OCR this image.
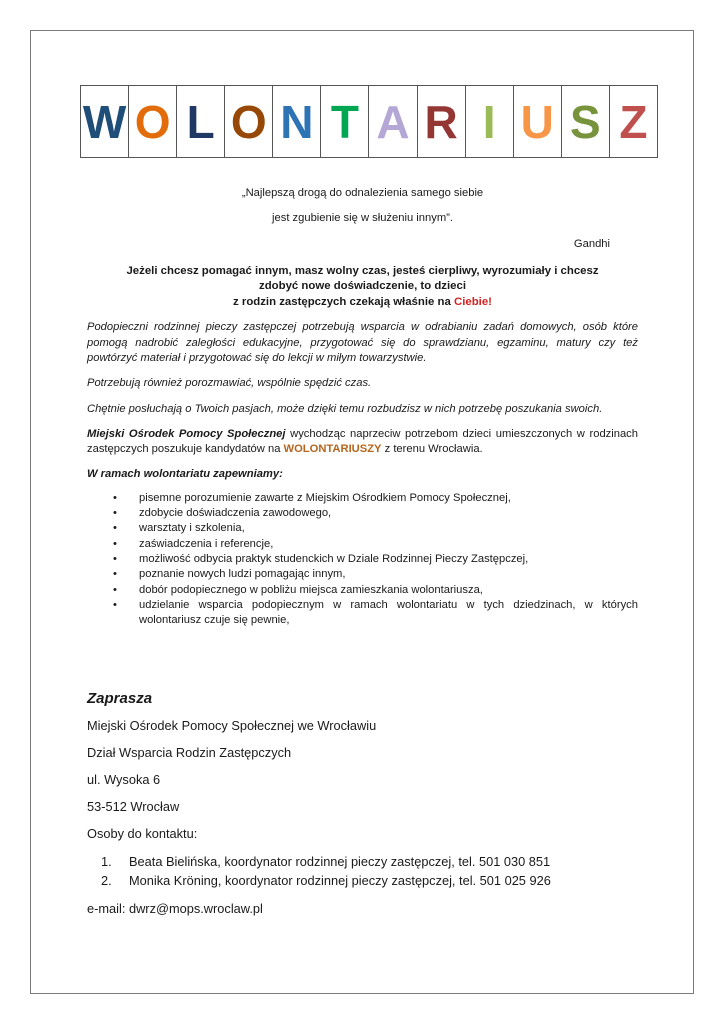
W O L O N T A R I U S Z

„Najlepszą drogą do odnalezienia samego siebie

jest zgubienie się w służeniu innym”.

Gandhi

Jeżeli chcesz pomagać innym, masz wolny czas, jesteś cierpliwy, wyrozumiały i chcesz
zdobyć nowe doświadczenie, to dzieci
z rodzin zastępczych czekają właśnie na Ciebie!

Podopieczni rodzinnej pieczy zastępczej potrzebują wsparcia w odrabianiu zadań domowych, osób które pomogą nadrobić zaległości edukacyjne, przygotować się do sprawdzianu, egzaminu, matury czy też powtórzyć materiał i przygotować się do lekcji w miłym towarzystwie.

Potrzebują również porozmawiać, wspólnie spędzić czas.

Chętnie posłuchają o Twoich pasjach, może dzięki temu rozbudzisz w nich potrzebę poszukania swoich.

Miejski Ośrodek Pomocy Społecznej wychodząc naprzeciw potrzebom dzieci umieszczonych w rodzinach zastępczych poszukuje kandydatów na WOLONTARIUSZY z terenu Wrocławia.

W ramach wolontariatu zapewniamy:

• pisemne porozumienie zawarte z Miejskim Ośrodkiem Pomocy Społecznej,
• zdobycie doświadczenia zawodowego,
• warsztaty i szkolenia,
• zaświadczenia i referencje,
• możliwość odbycia praktyk studenckich w Dziale Rodzinnej Pieczy Zastępczej,
• poznanie nowych ludzi pomagając innym,
• dobór podopiecznego w pobliżu miejsca zamieszkania wolontariusza,
• udzielanie wsparcia podopiecznym w ramach wolontariatu w tych dziedzinach, w których wolontariusz czuje się pewnie,
Zaprasza
Miejski Ośrodek Pomocy Społecznej we Wrocławiu
Dział Wsparcia Rodzin Zastępczych
ul. Wysoka 6
53-512 Wrocław
Osoby do kontaktu:
1. Beata Bielińska, koordynator rodzinnej pieczy zastępczej, tel. 501 030 851
2. Monika Kröning, koordynator rodzinnej pieczy zastępczej, tel. 501 025 926
e-mail: dwrz@mops.wroclaw.pl
